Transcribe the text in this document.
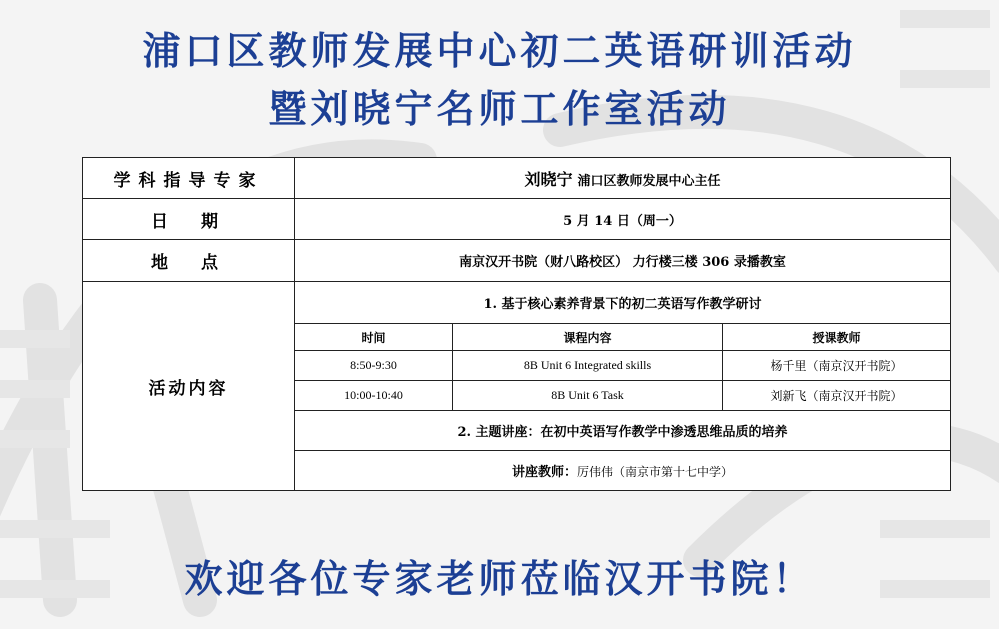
浦口区教师发展中心初二英语研训活动
暨刘晓宁名师工作室活动
学科指导专家	刘晓宁 浦口区教师发展中心主任		
日　期	5 月 14 日（周一）		
地　点	南京汉开书院（财八路校区） 力行楼三楼 306 录播教室		
活动内容	1. 基于核心素养背景下的初二英语写作教学研讨		
	时间	课程内容	授课教师
	8:50-9:30	8B Unit 6 Integrated skills	杨千里（南京汉开书院）
	10:00-10:40	8B Unit 6 Task	刘新飞（南京汉开书院）
	2. 主题讲座：在初中英语写作教学中渗透思维品质的培养		
	讲座教师：厉伟伟（南京市第十七中学）		
欢迎各位专家老师莅临汉开书院！
